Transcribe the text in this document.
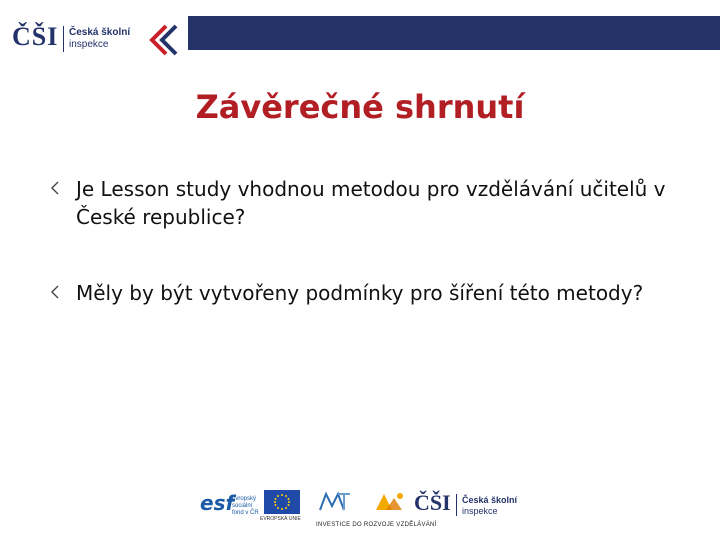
ČŠI Česká školní
inspekce
Závěrečné shrnutí
Je Lesson study vhodnou metodou pro vzdělávání učitelů v České republice?
Měly by být vytvořeny podmínky pro šíření této metody?
esf
evropský sociální fond v ČR
EVROPSKÁ UNIE
INVESTICE DO ROZVOJE VZDĚLÁVÁNÍ
ČŠI Česká školní
inspekce
